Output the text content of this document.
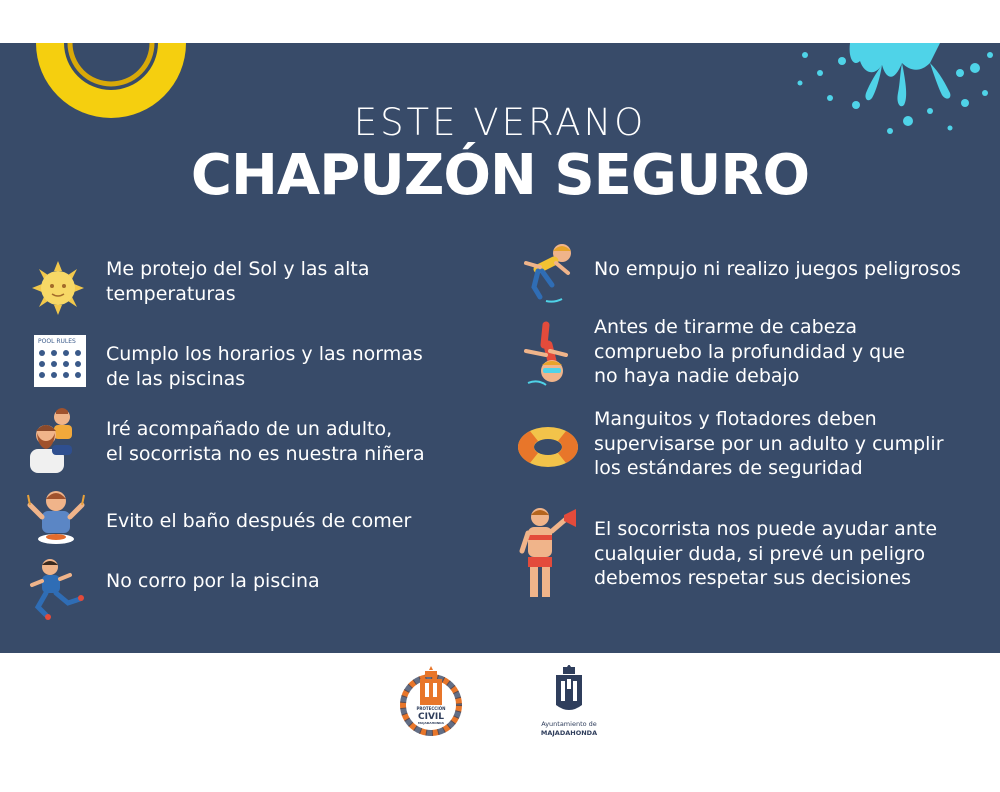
ESTE VERANO
CHAPUZÓN SEGURO
Me protejo del Sol y las alta
temperaturas
POOL RULES
Cumplo los horarios y las normas
de las piscinas
Iré acompañado de un adulto,
el socorrista no es nuestra niñera
Evito el baño después de comer
No corro por la piscina
No empujo ni realizo juegos peligrosos
Antes de tirarme de cabeza
compruebo la profundidad y que
no haya nadie debajo
Manguitos y flotadores deben
supervisarse por un adulto y cumplir
los estándares de seguridad
El socorrista nos puede ayudar ante
cualquier duda, si prevé un peligro
debemos respetar sus decisiones
PROTECCIÓN
CIVIL
MAJADAHONDA	Ayuntamiento de
MAJADAHONDA
